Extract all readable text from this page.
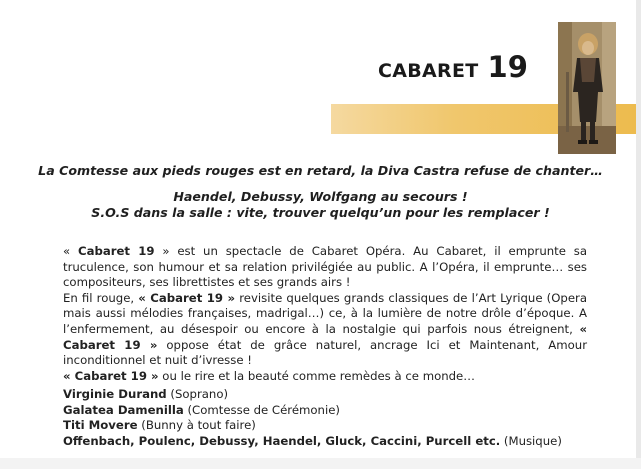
CABARET 19
La Comtesse aux pieds rouges est en retard, la Diva Castra refuse de chanter…
Haendel, Debussy, Wolfgang au secours !
S.O.S dans la salle : vite, trouver quelqu’un pour les remplacer !

« Cabaret 19 » est un spectacle de Cabaret Opéra. Au Cabaret, il emprunte sa truculence, son humour et sa relation privilégiée au public. A l’Opéra, il emprunte… ses compositeurs, ses librettistes et ses grands airs !

En fil rouge, « Cabaret 19 » revisite quelques grands classiques de l’Art Lyrique (Opera mais aussi mélodies françaises, madrigal…) ce, à la lumière de notre drôle d’époque. A l’enfermement, au désespoir ou encore à la nostalgie qui parfois nous étreignent, « Cabaret 19 » oppose état de grâce naturel, ancrage Ici et Maintenant, Amour inconditionnel et nuit d’ivresse !

« Cabaret 19 » ou le rire et la beauté comme remèdes à ce monde…

Virginie Durand (Soprano)
Galatea Damenilla (Comtesse de Cérémonie)
Titi Movere (Bunny à tout faire)
Offenbach, Poulenc, Debussy, Haendel, Gluck, Caccini, Purcell etc. (Musique)
